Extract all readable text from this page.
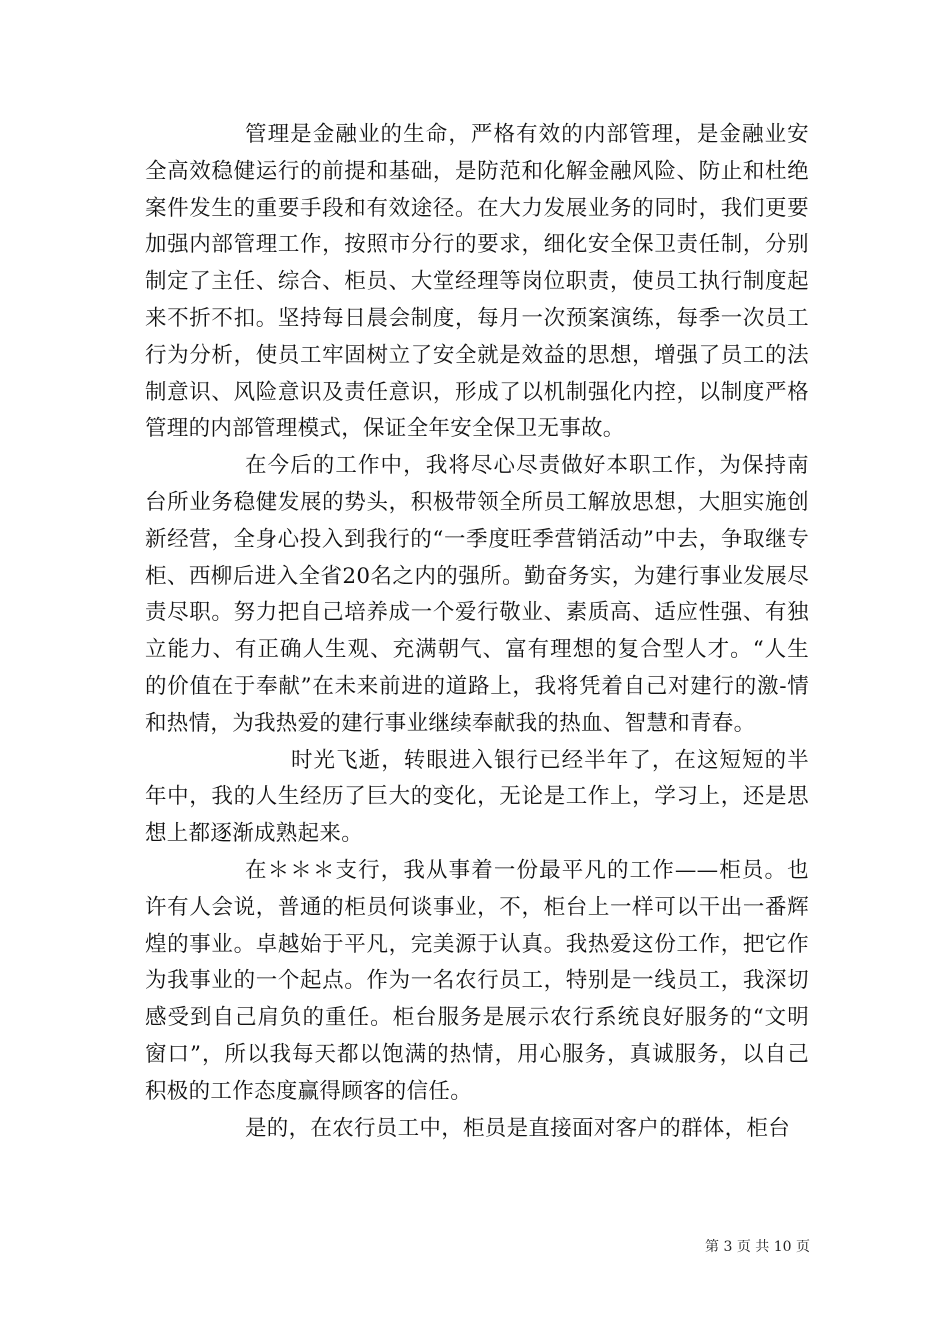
管理是金融业的生命，严格有效的内部管理，是金融业安全高效稳健运行的前提和基础，是防范和化解金融风险、防止和杜绝案件发生的重要手段和有效途径。在大力发展业务的同时，我们更要加强内部管理工作，按照市分行的要求，细化安全保卫责任制，分别制定了主任、综合、柜员、大堂经理等岗位职责，使员工执行制度起来不折不扣。坚持每日晨会制度，每月一次预案演练，每季一次员工行为分析，使员工牢固树立了安全就是效益的思想，增强了员工的法制意识、风险意识及责任意识，形成了以机制强化内控，以制度严格管理的内部管理模式，保证全年安全保卫无事故。

在今后的工作中，我将尽心尽责做好本职工作，为保持南台所业务稳健发展的势头，积极带领全所员工解放思想，大胆实施创新经营，全身心投入到我行的“一季度旺季营销活动”中去，争取继专柜、西柳后进入全省20名之内的强所。勤奋务实，为建行事业发展尽责尽职。努力把自己培养成一个爱行敬业、素质高、适应性强、有独立能力、有正确人生观、充满朝气、富有理想的复合型人才。“人生的价值在于奉献”在未来前进的道路上，我将凭着自己对建行的激-情和热情，为我热爱的建行事业继续奉献我的热血、智慧和青春。

时光飞逝，转眼进入银行已经半年了，在这短短的半年中，我的人生经历了巨大的变化，无论是工作上，学习上，还是思想上都逐渐成熟起来。

在＊＊＊支行，我从事着一份最平凡的工作——柜员。也许有人会说，普通的柜员何谈事业，不，柜台上一样可以干出一番辉煌的事业。卓越始于平凡，完美源于认真。我热爱这份工作，把它作为我事业的一个起点。作为一名农行员工，特别是一线员工，我深切感受到自己肩负的重任。柜台服务是展示农行系统良好服务的“文明窗口”，所以我每天都以饱满的热情，用心服务，真诚服务，以自己积极的工作态度赢得顾客的信任。

是的，在农行员工中，柜员是直接面对客户的群体，柜台

第 3 页 共 10 页
